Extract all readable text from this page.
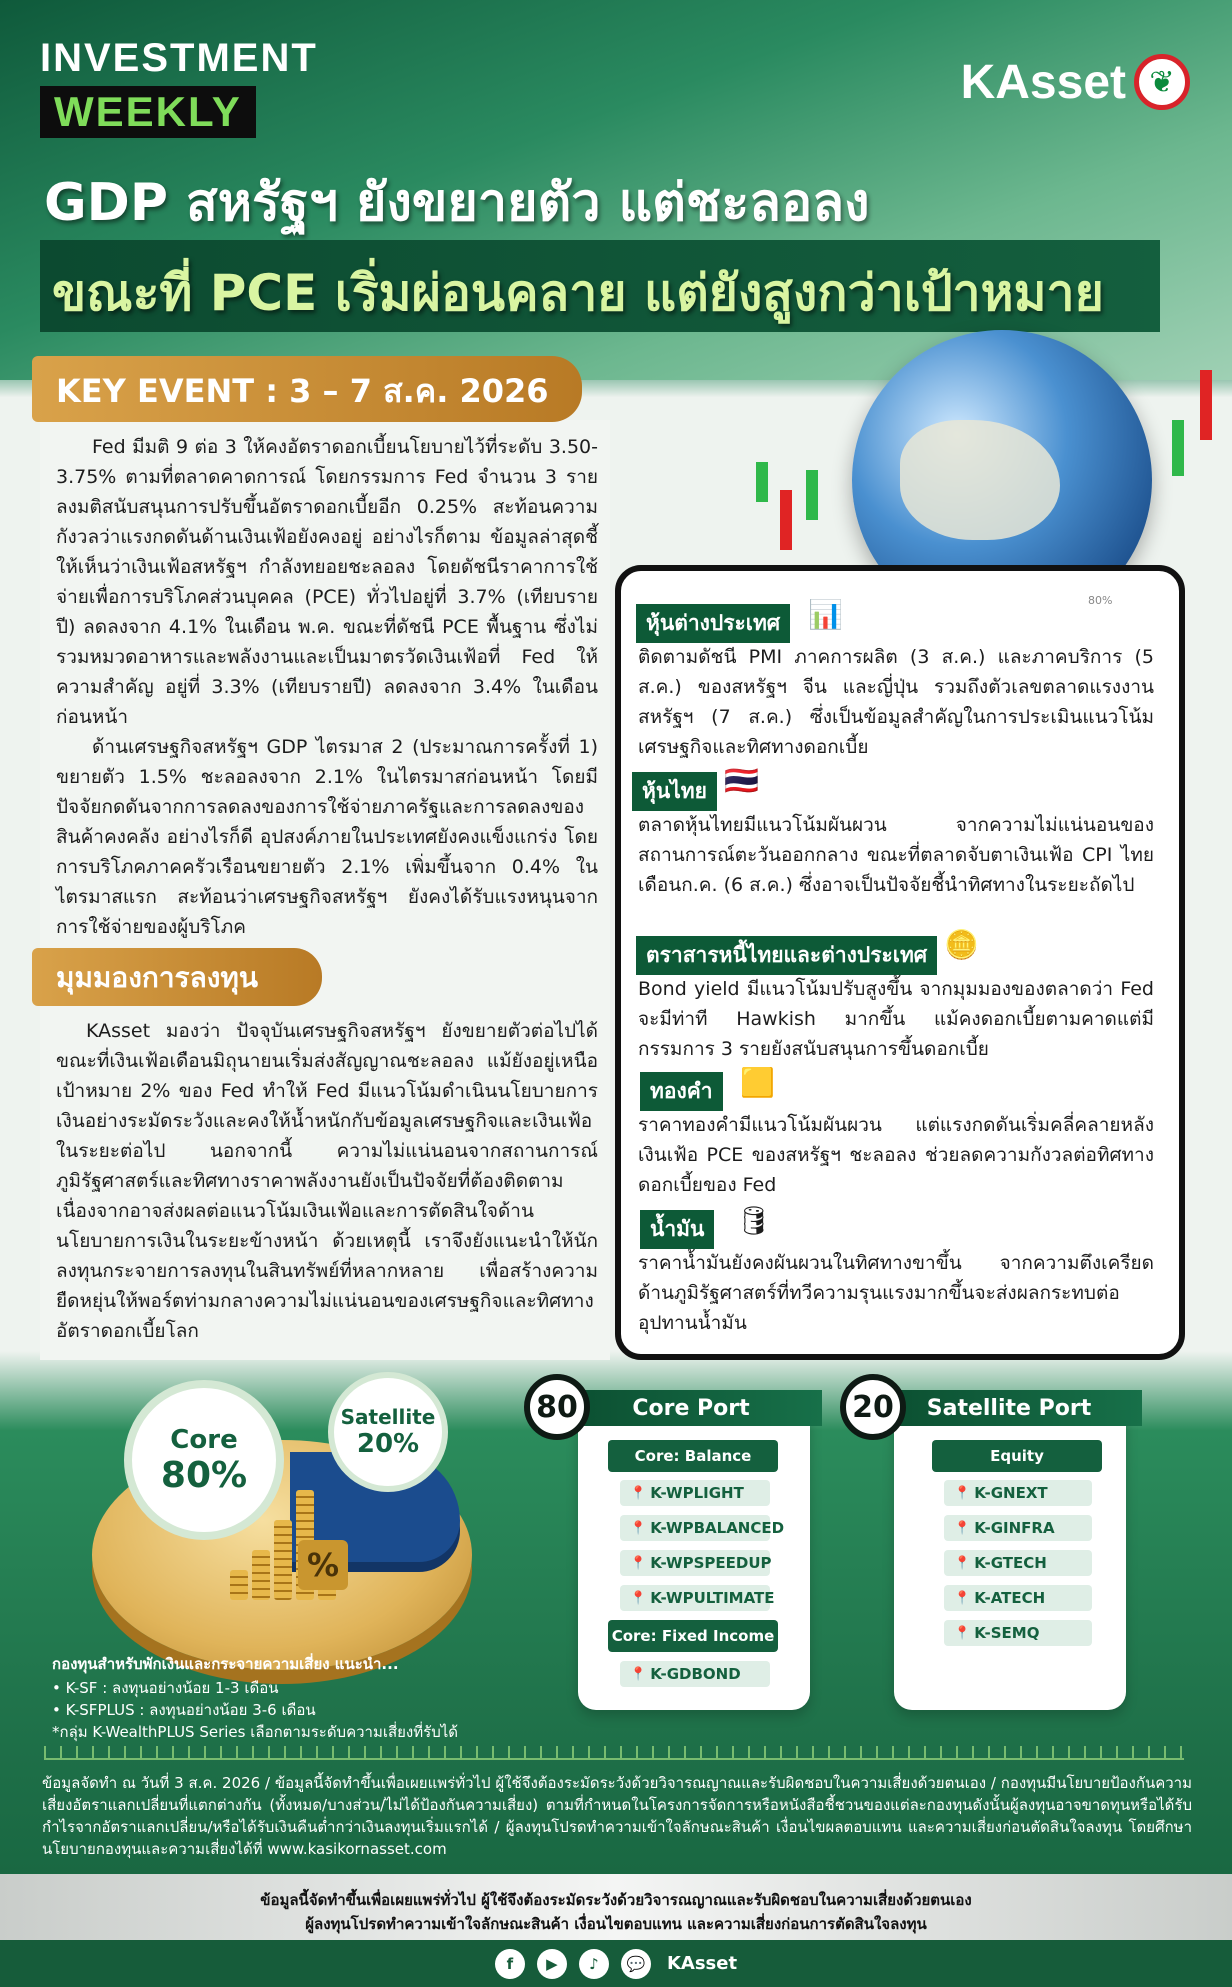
INVESTMENT
WEEKLY
KAsset ❦
GDP สหรัฐฯ ยังขยายตัว แต่ชะลอลง
ขณะที่ PCE เริ่มผ่อนคลาย แต่ยังสูงกว่าเป้าหมาย
KEY EVENT : 3 – 7 ส.ค. 2026
Fed มีมติ 9 ต่อ 3 ให้คงอัตราดอกเบี้ยนโยบายไว้ที่ระดับ 3.50-3.75% ตามที่ตลาดคาดการณ์ โดยกรรมการ Fed จำนวน 3 รายลงมติสนับสนุนการปรับขึ้นอัตราดอกเบี้ยอีก 0.25% สะท้อนความกังวลว่าแรงกดดันด้านเงินเฟ้อยังคงอยู่ อย่างไรก็ตาม ข้อมูลล่าสุดชี้ให้เห็นว่าเงินเฟ้อสหรัฐฯ กำลังทยอยชะลอลง โดยดัชนีราคาการใช้จ่ายเพื่อการบริโภคส่วนบุคคล (PCE) ทั่วไปอยู่ที่ 3.7% (เทียบรายปี) ลดลงจาก 4.1% ในเดือน พ.ค. ขณะที่ดัชนี PCE พื้นฐาน ซึ่งไม่รวมหมวดอาหารและพลังงานและเป็นมาตรวัดเงินเฟ้อที่ Fed ให้ความสำคัญ อยู่ที่ 3.3% (เทียบรายปี) ลดลงจาก 3.4% ในเดือนก่อนหน้า
ด้านเศรษฐกิจสหรัฐฯ GDP ไตรมาส 2 (ประมาณการครั้งที่ 1) ขยายตัว 1.5% ชะลอลงจาก 2.1% ในไตรมาสก่อนหน้า โดยมีปัจจัยกดดันจากการลดลงของการใช้จ่ายภาครัฐและการลดลงของสินค้าคงคลัง อย่างไรก็ดี อุปสงค์ภายในประเทศยังคงแข็งแกร่ง โดยการบริโภคภาคครัวเรือนขยายตัว 2.1% เพิ่มขึ้นจาก 0.4% ในไตรมาสแรก สะท้อนว่าเศรษฐกิจสหรัฐฯ ยังคงได้รับแรงหนุนจากการใช้จ่ายของผู้บริโภค
มุมมองการลงทุน
KAsset มองว่า ปัจจุบันเศรษฐกิจสหรัฐฯ ยังขยายตัวต่อไปได้ ขณะที่เงินเฟ้อเดือนมิถุนายนเริ่มส่งสัญญาณชะลอลง แม้ยังอยู่เหนือเป้าหมาย 2% ของ Fed ทำให้ Fed มีแนวโน้มดำเนินนโยบายการเงินอย่างระมัดระวังและคงให้น้ำหนักกับข้อมูลเศรษฐกิจและเงินเฟ้อในระยะต่อไป นอกจากนี้ ความไม่แน่นอนจากสถานการณ์ภูมิรัฐศาสตร์และทิศทางราคาพลังงานยังเป็นปัจจัยที่ต้องติดตาม เนื่องจากอาจส่งผลต่อแนวโน้มเงินเฟ้อและการตัดสินใจด้านนโยบายการเงินในระยะข้างหน้า ด้วยเหตุนี้ เราจึงยังแนะนำให้นักลงทุนกระจายการลงทุนในสินทรัพย์ที่หลากหลาย เพื่อสร้างความยืดหยุ่นให้พอร์ตท่ามกลางความไม่แน่นอนของเศรษฐกิจและทิศทางอัตราดอกเบี้ยโลก
80%
หุ้นต่างประเทศ 📊
ติดตามดัชนี PMI ภาคการผลิต (3 ส.ค.) และภาคบริการ (5 ส.ค.) ของสหรัฐฯ จีน และญี่ปุ่น รวมถึงตัวเลขตลาดแรงงานสหรัฐฯ (7 ส.ค.) ซึ่งเป็นข้อมูลสำคัญในการประเมินแนวโน้มเศรษฐกิจและทิศทางดอกเบี้ย
หุ้นไทย 🇹🇭
ตลาดหุ้นไทยมีแนวโน้มผันผวน จากความไม่แน่นอนของสถานการณ์ตะวันออกกลาง ขณะที่ตลาดจับตาเงินเฟ้อ CPI ไทยเดือนก.ค. (6 ส.ค.) ซึ่งอาจเป็นปัจจัยชี้นำทิศทางในระยะถัดไป
ตราสารหนี้ไทยและต่างประเทศ 🪙
Bond yield มีแนวโน้มปรับสูงขึ้น จากมุมมองของตลาดว่า Fed จะมีท่าที Hawkish มากขึ้น แม้คงดอกเบี้ยตามคาดแต่มีกรรมการ 3 รายยังสนับสนุนการขึ้นดอกเบี้ย
ทองคำ 🟨
ราคาทองคำมีแนวโน้มผันผวน แต่แรงกดดันเริ่มคลี่คลายหลังเงินเฟ้อ PCE ของสหรัฐฯ ชะลอลง ช่วยลดความกังวลต่อทิศทางดอกเบี้ยของ Fed
น้ำมัน	🛢
ราคาน้ำมันยังคงผันผวนในทิศทางขาขึ้น จากความตึงเครียดด้านภูมิรัฐศาสตร์ที่ทวีความรุนแรงมากขึ้นจะส่งผลกระทบต่ออุปทานน้ำมัน
%
Core
80%
Satellite
20%
Core Port
80
Core: Balance
📍 K-WPLIGHT
📍 K-WPBALANCED
📍 K-WPSPEEDUP
📍 K-WPULTIMATE
Core: Fixed Income
📍 K-GDBOND
Satellite Port
20
Equity
📍 K-GNEXT
📍 K-GINFRA
📍 K-GTECH
📍 K-ATECH
📍 K-SEMQ
กองทุนสำหรับพักเงินและกระจายความเสี่ยง แนะนำ...
• K-SF : ลงทุนอย่างน้อย 1-3 เดือน
• K-SFPLUS : ลงทุนอย่างน้อย 3-6 เดือน
*กลุ่ม K-WealthPLUS Series เลือกตามระดับความเสี่ยงที่รับได้
ข้อมูลจัดทำ ณ วันที่ 3 ส.ค. 2026 / ข้อมูลนี้จัดทำขึ้นเพื่อเผยแพร่ทั่วไป ผู้ใช้จึงต้องระมัดระวังด้วยวิจารณญาณและรับผิดชอบในความเสี่ยงด้วยตนเอง / กองทุนมีนโยบายป้องกันความเสี่ยงอัตราแลกเปลี่ยนที่แตกต่างกัน (ทั้งหมด/บางส่วน/ไม่ได้ป้องกันความเสี่ยง) ตามที่กำหนดในโครงการจัดการหรือหนังสือชี้ชวนของแต่ละกองทุนดังนั้นผู้ลงทุนอาจขาดทุนหรือได้รับกำไรจากอัตราแลกเปลี่ยน/หรือได้รับเงินคืนต่ำกว่าเงินลงทุนเริ่มแรกได้ / ผู้ลงทุนโปรดทำความเข้าใจลักษณะสินค้า เงื่อนไขผลตอบแทน และความเสี่ยงก่อนตัดสินใจลงทุน โดยศึกษานโยบายกองทุนและความเสี่ยงได้ที่ www.kasikornasset.com
ข้อมูลนี้จัดทำขึ้นเพื่อเผยแพร่ทั่วไป ผู้ใช้จึงต้องระมัดระวังด้วยวิจารณญาณและรับผิดชอบในความเสี่ยงด้วยตนเอง
ผู้ลงทุนโปรดทำความเข้าใจลักษณะสินค้า เงื่อนไขตอบแทน และความเสี่ยงก่อนการตัดสินใจลงทุน
f	▶	♪	💬	KAsset
